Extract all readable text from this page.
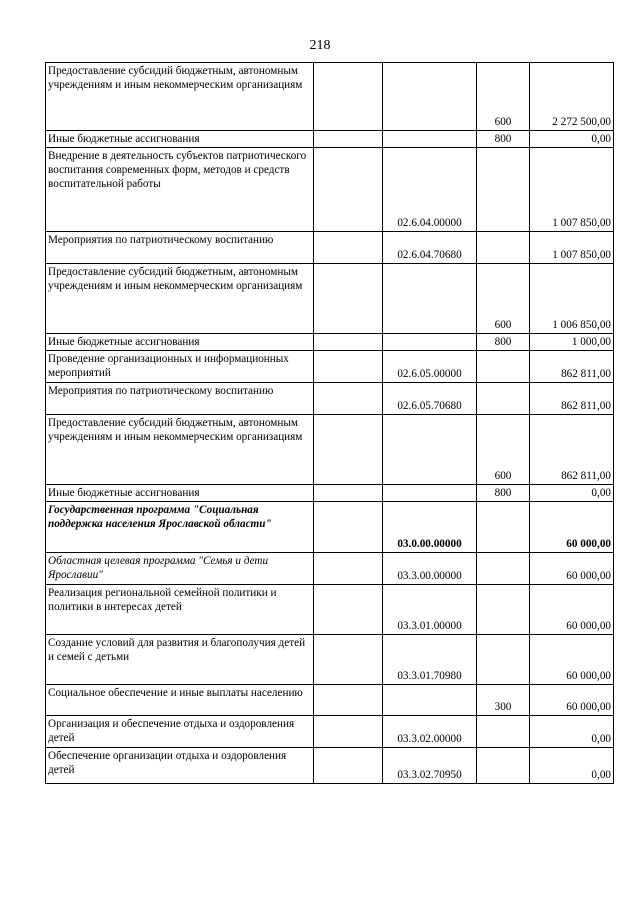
218
Предоставление субсидий бюджетным, автономным учреждениям и иным некоммерческим организациям			600	2 272 500,00
Иные бюджетные ассигнования			800	0,00
Внедрение в деятельность субъектов патриотического воспитания современных форм, методов и средств воспитательной работы		02.6.04.00000		1 007 850,00
Мероприятия по патриотическому воспитанию		02.6.04.70680		1 007 850,00
Предоставление субсидий бюджетным, автономным учреждениям и иным некоммерческим организациям			600	1 006 850,00
Иные бюджетные ассигнования			800	1 000,00
Проведение организационных и информационных мероприятий		02.6.05.00000		862 811,00
Мероприятия по патриотическому воспитанию		02.6.05.70680		862 811,00
Предоставление субсидий бюджетным, автономным учреждениям и иным некоммерческим организациям			600	862 811,00
Иные бюджетные ассигнования			800	0,00
Государственная программа "Социальная поддержка населения Ярославской области"		03.0.00.00000		60 000,00
Областная целевая программа "Семья и дети Ярославии"		03.3.00.00000		60 000,00
Реализация региональной семейной политики и политики в интересах детей		03.3.01.00000		60 000,00
Создание условий для развития и благополучия детей и семей с детьми		03.3.01.70980		60 000,00
Социальное обеспечение и иные выплаты населению			300	60 000,00
Организация и обеспечение отдыха и оздоровления детей		03.3.02.00000		0,00
Обеспечение организации отдыха и оздоровления детей		03.3.02.70950		0,00
